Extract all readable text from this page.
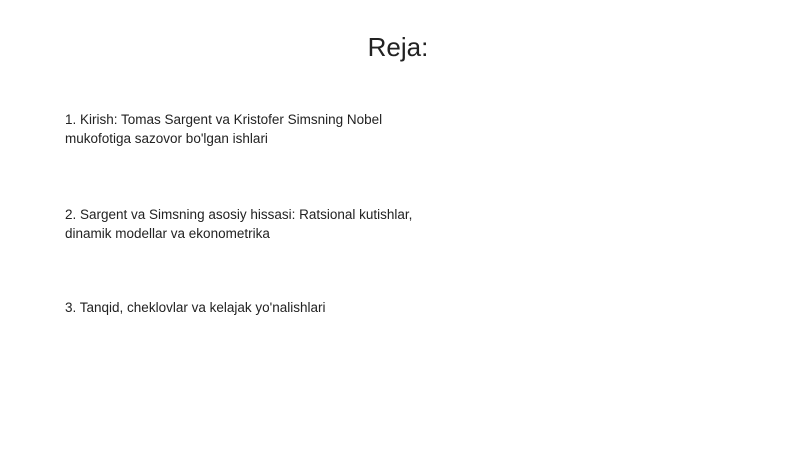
Reja:
1. Kirish: Tomas Sargent va Kristofer Simsning Nobel mukofotiga sazovor bo'lgan ishlari
2. Sargent va Simsning asosiy hissasi: Ratsional kutishlar, dinamik modellar va ekonometrika
3. Tanqid, cheklovlar va kelajak yo'nalishlari
